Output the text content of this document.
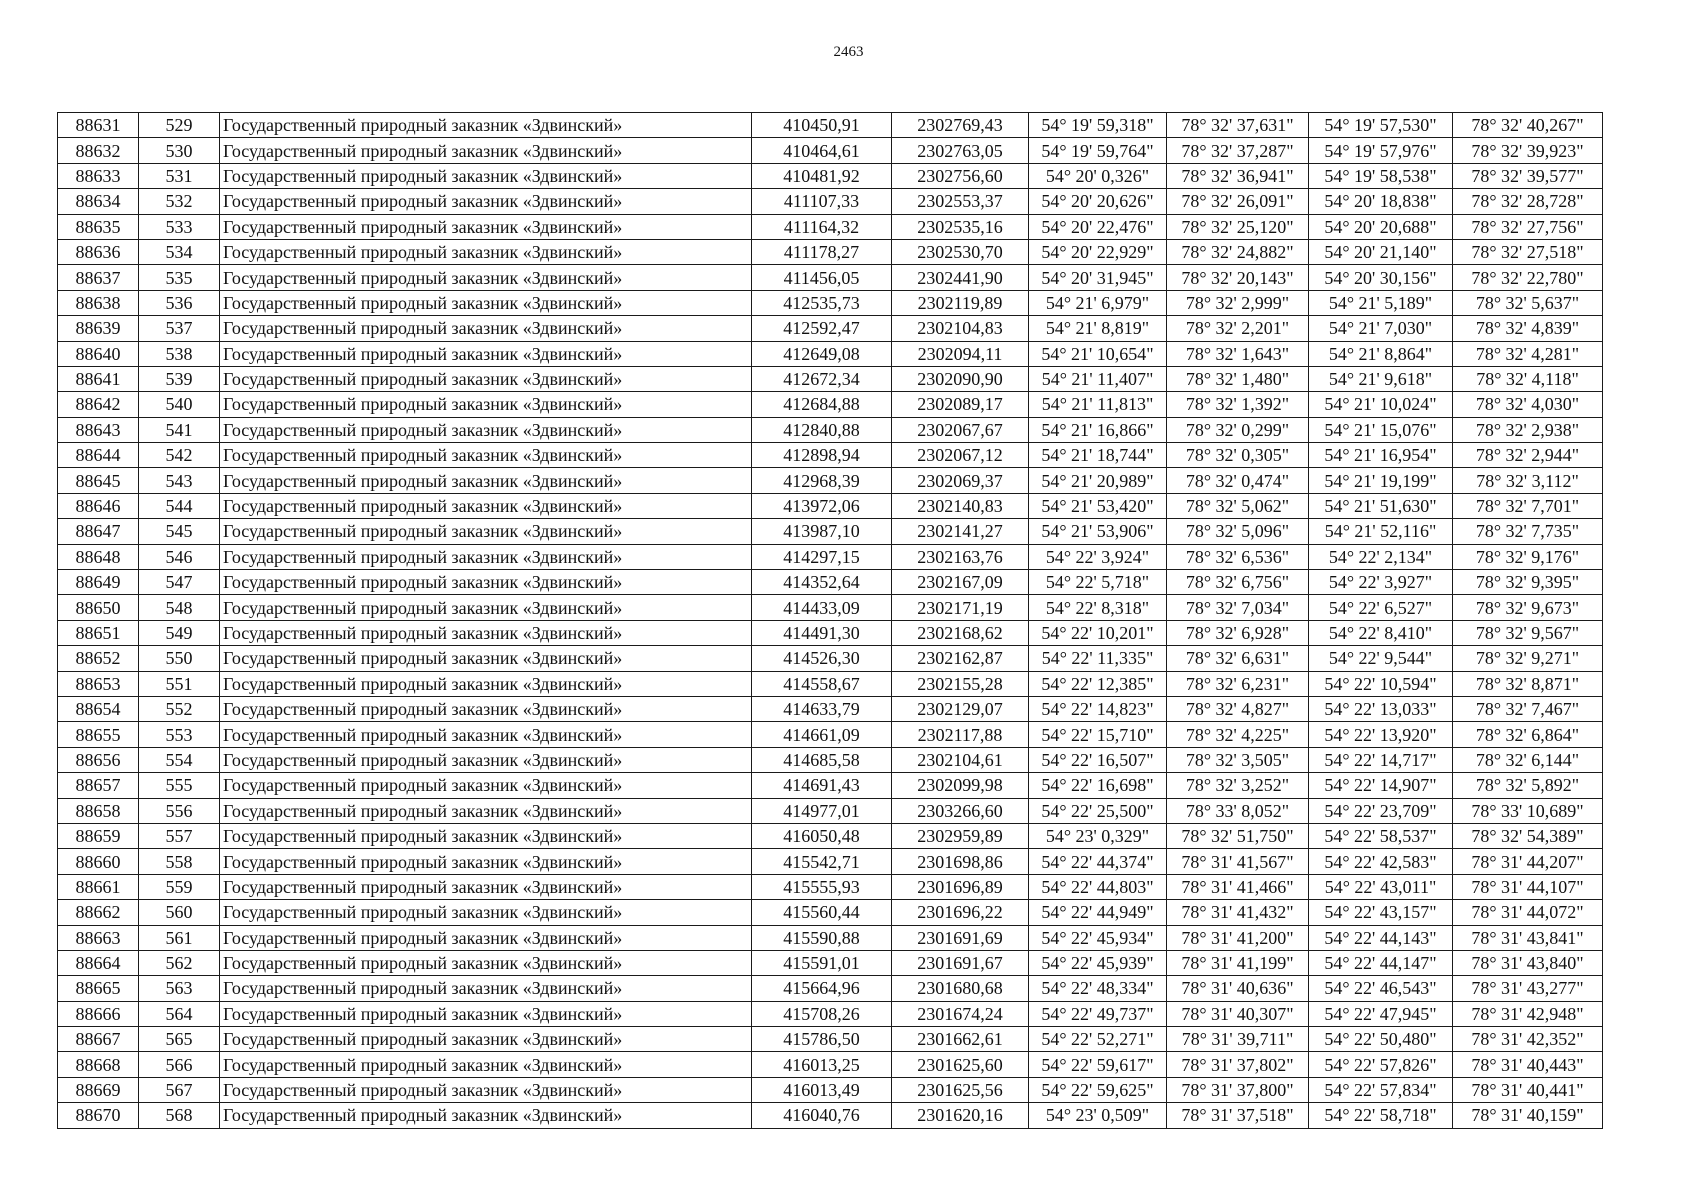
2463
88631	529	Государственный природный заказник «Здвинский»	410450,91	2302769,43	54° 19' 59,318"	78° 32' 37,631"	54° 19' 57,530"	78° 32' 40,267"
88632	530	Государственный природный заказник «Здвинский»	410464,61	2302763,05	54° 19' 59,764"	78° 32' 37,287"	54° 19' 57,976"	78° 32' 39,923"
88633	531	Государственный природный заказник «Здвинский»	410481,92	2302756,60	54° 20' 0,326"	78° 32' 36,941"	54° 19' 58,538"	78° 32' 39,577"
88634	532	Государственный природный заказник «Здвинский»	411107,33	2302553,37	54° 20' 20,626"	78° 32' 26,091"	54° 20' 18,838"	78° 32' 28,728"
88635	533	Государственный природный заказник «Здвинский»	411164,32	2302535,16	54° 20' 22,476"	78° 32' 25,120"	54° 20' 20,688"	78° 32' 27,756"
88636	534	Государственный природный заказник «Здвинский»	411178,27	2302530,70	54° 20' 22,929"	78° 32' 24,882"	54° 20' 21,140"	78° 32' 27,518"
88637	535	Государственный природный заказник «Здвинский»	411456,05	2302441,90	54° 20' 31,945"	78° 32' 20,143"	54° 20' 30,156"	78° 32' 22,780"
88638	536	Государственный природный заказник «Здвинский»	412535,73	2302119,89	54° 21' 6,979"	78° 32' 2,999"	54° 21' 5,189"	78° 32' 5,637"
88639	537	Государственный природный заказник «Здвинский»	412592,47	2302104,83	54° 21' 8,819"	78° 32' 2,201"	54° 21' 7,030"	78° 32' 4,839"
88640	538	Государственный природный заказник «Здвинский»	412649,08	2302094,11	54° 21' 10,654"	78° 32' 1,643"	54° 21' 8,864"	78° 32' 4,281"
88641	539	Государственный природный заказник «Здвинский»	412672,34	2302090,90	54° 21' 11,407"	78° 32' 1,480"	54° 21' 9,618"	78° 32' 4,118"
88642	540	Государственный природный заказник «Здвинский»	412684,88	2302089,17	54° 21' 11,813"	78° 32' 1,392"	54° 21' 10,024"	78° 32' 4,030"
88643	541	Государственный природный заказник «Здвинский»	412840,88	2302067,67	54° 21' 16,866"	78° 32' 0,299"	54° 21' 15,076"	78° 32' 2,938"
88644	542	Государственный природный заказник «Здвинский»	412898,94	2302067,12	54° 21' 18,744"	78° 32' 0,305"	54° 21' 16,954"	78° 32' 2,944"
88645	543	Государственный природный заказник «Здвинский»	412968,39	2302069,37	54° 21' 20,989"	78° 32' 0,474"	54° 21' 19,199"	78° 32' 3,112"
88646	544	Государственный природный заказник «Здвинский»	413972,06	2302140,83	54° 21' 53,420"	78° 32' 5,062"	54° 21' 51,630"	78° 32' 7,701"
88647	545	Государственный природный заказник «Здвинский»	413987,10	2302141,27	54° 21' 53,906"	78° 32' 5,096"	54° 21' 52,116"	78° 32' 7,735"
88648	546	Государственный природный заказник «Здвинский»	414297,15	2302163,76	54° 22' 3,924"	78° 32' 6,536"	54° 22' 2,134"	78° 32' 9,176"
88649	547	Государственный природный заказник «Здвинский»	414352,64	2302167,09	54° 22' 5,718"	78° 32' 6,756"	54° 22' 3,927"	78° 32' 9,395"
88650	548	Государственный природный заказник «Здвинский»	414433,09	2302171,19	54° 22' 8,318"	78° 32' 7,034"	54° 22' 6,527"	78° 32' 9,673"
88651	549	Государственный природный заказник «Здвинский»	414491,30	2302168,62	54° 22' 10,201"	78° 32' 6,928"	54° 22' 8,410"	78° 32' 9,567"
88652	550	Государственный природный заказник «Здвинский»	414526,30	2302162,87	54° 22' 11,335"	78° 32' 6,631"	54° 22' 9,544"	78° 32' 9,271"
88653	551	Государственный природный заказник «Здвинский»	414558,67	2302155,28	54° 22' 12,385"	78° 32' 6,231"	54° 22' 10,594"	78° 32' 8,871"
88654	552	Государственный природный заказник «Здвинский»	414633,79	2302129,07	54° 22' 14,823"	78° 32' 4,827"	54° 22' 13,033"	78° 32' 7,467"
88655	553	Государственный природный заказник «Здвинский»	414661,09	2302117,88	54° 22' 15,710"	78° 32' 4,225"	54° 22' 13,920"	78° 32' 6,864"
88656	554	Государственный природный заказник «Здвинский»	414685,58	2302104,61	54° 22' 16,507"	78° 32' 3,505"	54° 22' 14,717"	78° 32' 6,144"
88657	555	Государственный природный заказник «Здвинский»	414691,43	2302099,98	54° 22' 16,698"	78° 32' 3,252"	54° 22' 14,907"	78° 32' 5,892"
88658	556	Государственный природный заказник «Здвинский»	414977,01	2303266,60	54° 22' 25,500"	78° 33' 8,052"	54° 22' 23,709"	78° 33' 10,689"
88659	557	Государственный природный заказник «Здвинский»	416050,48	2302959,89	54° 23' 0,329"	78° 32' 51,750"	54° 22' 58,537"	78° 32' 54,389"
88660	558	Государственный природный заказник «Здвинский»	415542,71	2301698,86	54° 22' 44,374"	78° 31' 41,567"	54° 22' 42,583"	78° 31' 44,207"
88661	559	Государственный природный заказник «Здвинский»	415555,93	2301696,89	54° 22' 44,803"	78° 31' 41,466"	54° 22' 43,011"	78° 31' 44,107"
88662	560	Государственный природный заказник «Здвинский»	415560,44	2301696,22	54° 22' 44,949"	78° 31' 41,432"	54° 22' 43,157"	78° 31' 44,072"
88663	561	Государственный природный заказник «Здвинский»	415590,88	2301691,69	54° 22' 45,934"	78° 31' 41,200"	54° 22' 44,143"	78° 31' 43,841"
88664	562	Государственный природный заказник «Здвинский»	415591,01	2301691,67	54° 22' 45,939"	78° 31' 41,199"	54° 22' 44,147"	78° 31' 43,840"
88665	563	Государственный природный заказник «Здвинский»	415664,96	2301680,68	54° 22' 48,334"	78° 31' 40,636"	54° 22' 46,543"	78° 31' 43,277"
88666	564	Государственный природный заказник «Здвинский»	415708,26	2301674,24	54° 22' 49,737"	78° 31' 40,307"	54° 22' 47,945"	78° 31' 42,948"
88667	565	Государственный природный заказник «Здвинский»	415786,50	2301662,61	54° 22' 52,271"	78° 31' 39,711"	54° 22' 50,480"	78° 31' 42,352"
88668	566	Государственный природный заказник «Здвинский»	416013,25	2301625,60	54° 22' 59,617"	78° 31' 37,802"	54° 22' 57,826"	78° 31' 40,443"
88669	567	Государственный природный заказник «Здвинский»	416013,49	2301625,56	54° 22' 59,625"	78° 31' 37,800"	54° 22' 57,834"	78° 31' 40,441"
88670	568	Государственный природный заказник «Здвинский»	416040,76	2301620,16	54° 23' 0,509"	78° 31' 37,518"	54° 22' 58,718"	78° 31' 40,159"
